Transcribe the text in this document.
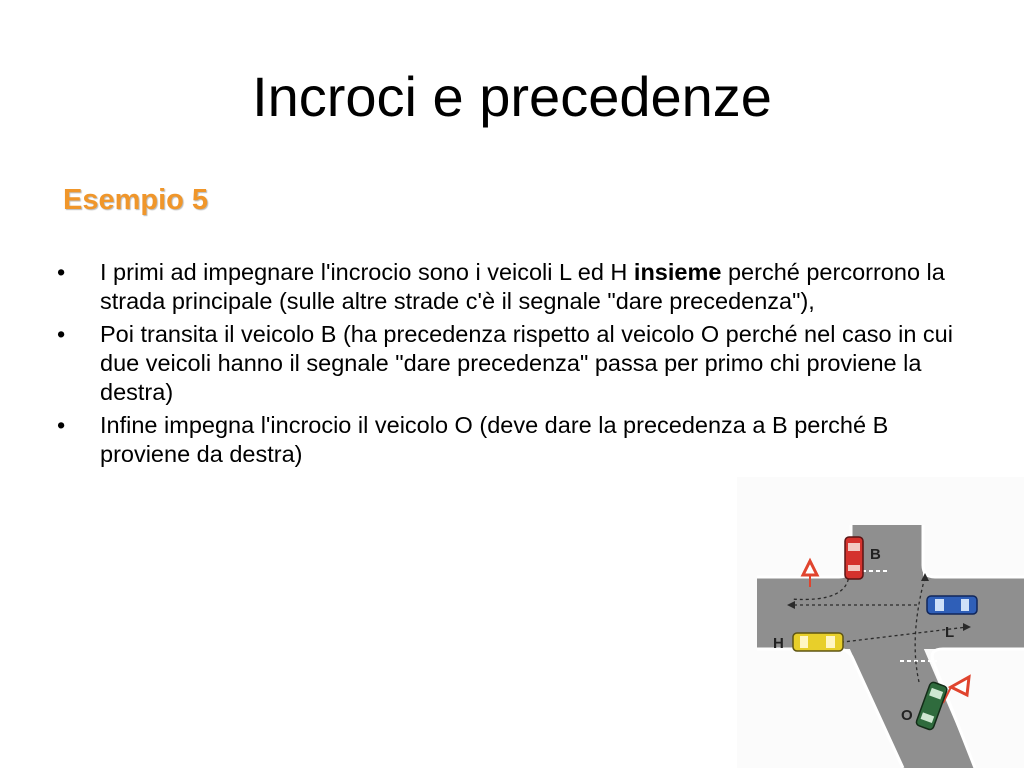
Incroci e precedenze
Esempio 5
• I primi ad impegnare l'incrocio sono i veicoli L ed H insieme perché percorrono la strada principale (sulle altre strade c'è il segnale "dare precedenza"),
• Poi transita il veicolo B (ha precedenza rispetto al veicolo O perché nel caso in cui due veicoli hanno il segnale "dare precedenza" passa per primo chi proviene la destra)
• Infine impegna l'incrocio il veicolo O (deve dare la precedenza a B perché B proviene da destra)
B
L
H
O
